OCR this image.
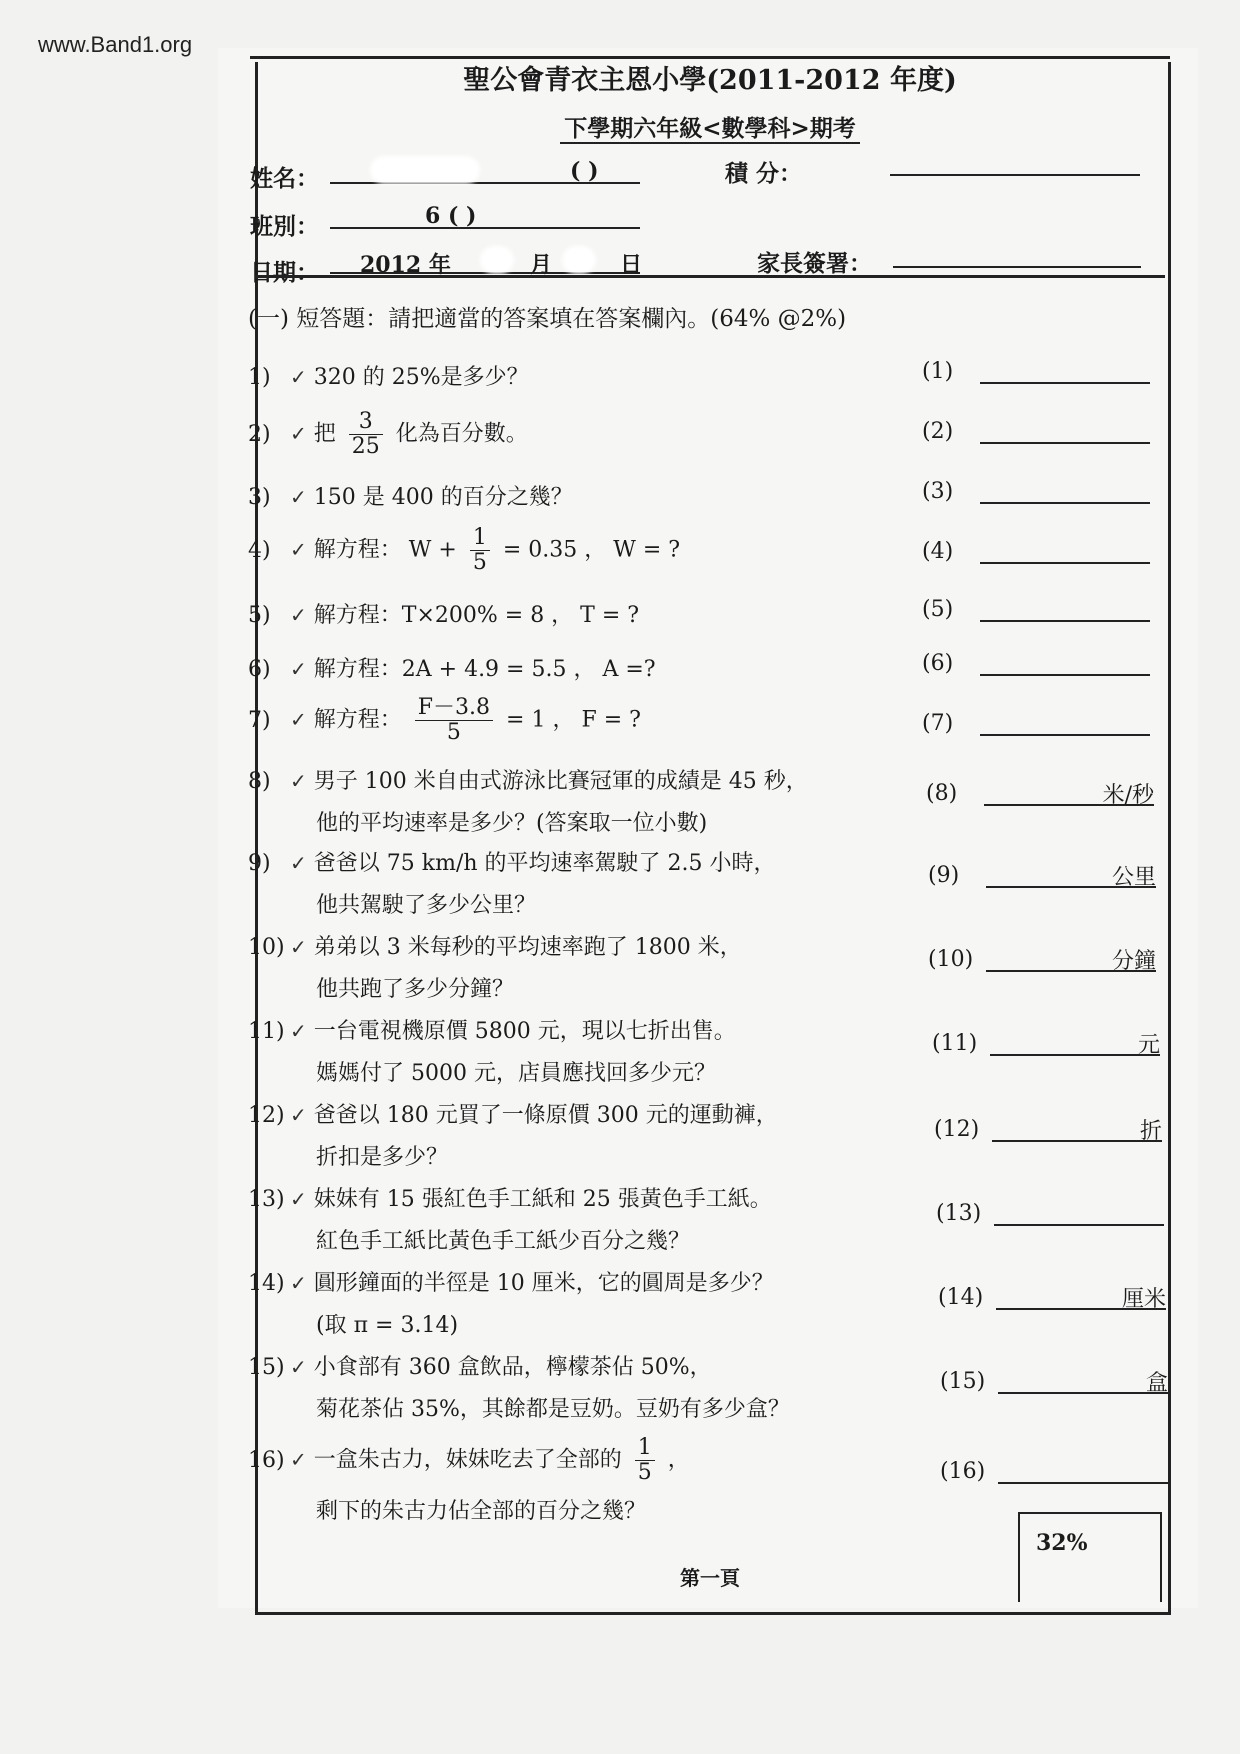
www.Band1.org
聖公會青衣主恩小學(2011-2012 年度)
下學期六年級<數學科>期考
姓名：	( )	積 分：
班別：	6 ( )
日期： 2012 年	月	日	家長簽署：
(一) 短答題：請把適當的答案填在答案欄內。(64% @2%)
1) ✓ 320 的 25%是多少？	(1)
2) ✓ 把 $\frac{3}{25}$ 化為百分數。	(2)
3) ✓ 150 是 400 的百分之幾？	(3)
4) ✓ 解方程： $W + \frac{1}{5} = 0.35$ ， W = ?	(4)
5) ✓ 解方程：T×200% = 8 ， T = ?	(5)
6) ✓ 解方程：2A + 4.9 = 5.5 ， A =?	(6)
7) ✓ 解方程： $\frac{F-3.8}{5} = 1$ ， F = ?	(7)
8) ✓ 男子 100 米自由式游泳比賽冠軍的成績是 45 秒，
他的平均速率是多少？(答案取一位小數)
(8)	米/秒
9) ✓ 爸爸以 75 km/h 的平均速率駕駛了 2.5 小時，
他共駕駛了多少公里？
(9)	公里
10) ✓ 弟弟以 3 米每秒的平均速率跑了 1800 米，
他共跑了多少分鐘？
(10)	分鐘
11) ✓ 一台電視機原價 5800 元，現以七折出售。
媽媽付了 5000 元，店員應找回多少元？
(11)	元
12) ✓ 爸爸以 180 元買了一條原價 300 元的運動褲，
折扣是多少？
(12)	折
13) ✓ 妹妹有 15 張紅色手工紙和 25 張黃色手工紙。
紅色手工紙比黃色手工紙少百分之幾？
(13)
14) ✓ 圓形鐘面的半徑是 10 厘米，它的圓周是多少？
(取 π = 3.14)
(14)	厘米
15) ✓ 小食部有 360 盒飲品，檸檬茶佔 50%，
菊花茶佔 35%，其餘都是豆奶。豆奶有多少盒？
(15)	盒
16) ✓ 一盒朱古力，妹妹吃去了全部的 $\frac{1}{5}$ ，
剩下的朱古力佔全部的百分之幾？
(16)
32%
第一頁
